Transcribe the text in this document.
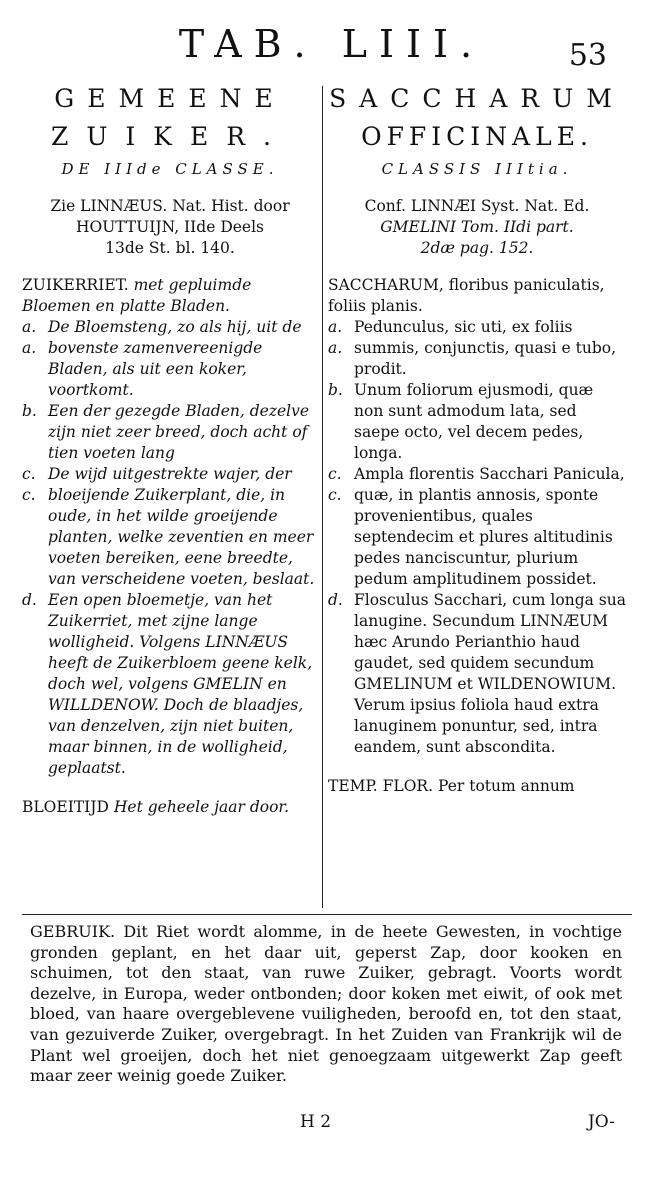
TAB. LIII.	53
GEMEENE
ZUIKER.
DE IIIde CLASSE.
Zie LINNÆUS. Nat. Hist. door
HOUTTUIJN, IIde Deels
13de St. bl. 140.
ZUIKERRIET. met gepluimde Bloemen en platte Bladen.
a. a.
De Bloemsteng, zo als hij, uit de bovenste zamenvereenigde Bladen, als uit een koker, voortkomt.
b. Een der gezegde Bladen, dezelve zijn niet zeer breed, doch acht of tien voeten lang
c. c.
De wijd uitgestrekte wajer, der bloeijende Zuikerplant, die, in oude, in het wilde groeijende planten, welke zeventien en meer voeten bereiken, eene breedte, van verscheidene voeten, beslaat.
d. Een open bloemetje, van het Zuikerriet, met zijne lange wolligheid. Volgens LINNÆUS heeft de Zuikerbloem geene kelk, doch wel, volgens GMELIN en WILLDENOW. Doch de blaadjes, van denzelven, zijn niet buiten, maar binnen, in de wolligheid, geplaatst.
BLOEITIJD Het geheele jaar door.
SACCHARUM
OFFICINALE.
CLASSIS IIItia.
Conf. LINNÆI Syst. Nat. Ed.
GMELINI Tom. IIdi part.
2dæ pag. 152.
SACCHARUM, floribus paniculatis, foliis planis.
a. a.
Pedunculus, sic uti, ex foliis summis, conjunctis, quasi e tubo, prodit.
b. Unum foliorum ejusmodi, quæ non sunt admodum lata, sed saepe octo, vel decem pedes, longa.
c. c.
Ampla florentis Sacchari Panicula, quæ, in plantis annosis, sponte provenientibus, quales septendecim et plures altitudinis pedes nanciscuntur, plurium pedum amplitudinem possidet.
d. Flosculus Sacchari, cum longa sua lanugine. Secundum LINNÆUM hæc Arundo Perianthio haud gaudet, sed quidem secundum GMELINUM et WILDENOWIUM. Verum ipsius foliola haud extra lanuginem ponuntur, sed, intra eandem, sunt abscondita.
TEMP. FLOR. Per totum annum
GEBRUIK. Dit Riet wordt alomme, in de heete Gewesten, in vochtige gronden geplant, en het daar uit, geperst Zap, door kooken en schuimen, tot den staat, van ruwe Zuiker, gebragt. Voorts wordt dezelve, in Europa, weder ontbonden; door koken met eiwit, of ook met bloed, van haare overgeblevene vuiligheden, beroofd en, tot den staat, van gezuiverde Zuiker, overgebragt. In het Zuiden van Frankrijk wil de Plant wel groeijen, doch het niet genoegzaam uitgewerkt Zap geeft maar zeer weinig goede Zuiker.
H 2	JO-
